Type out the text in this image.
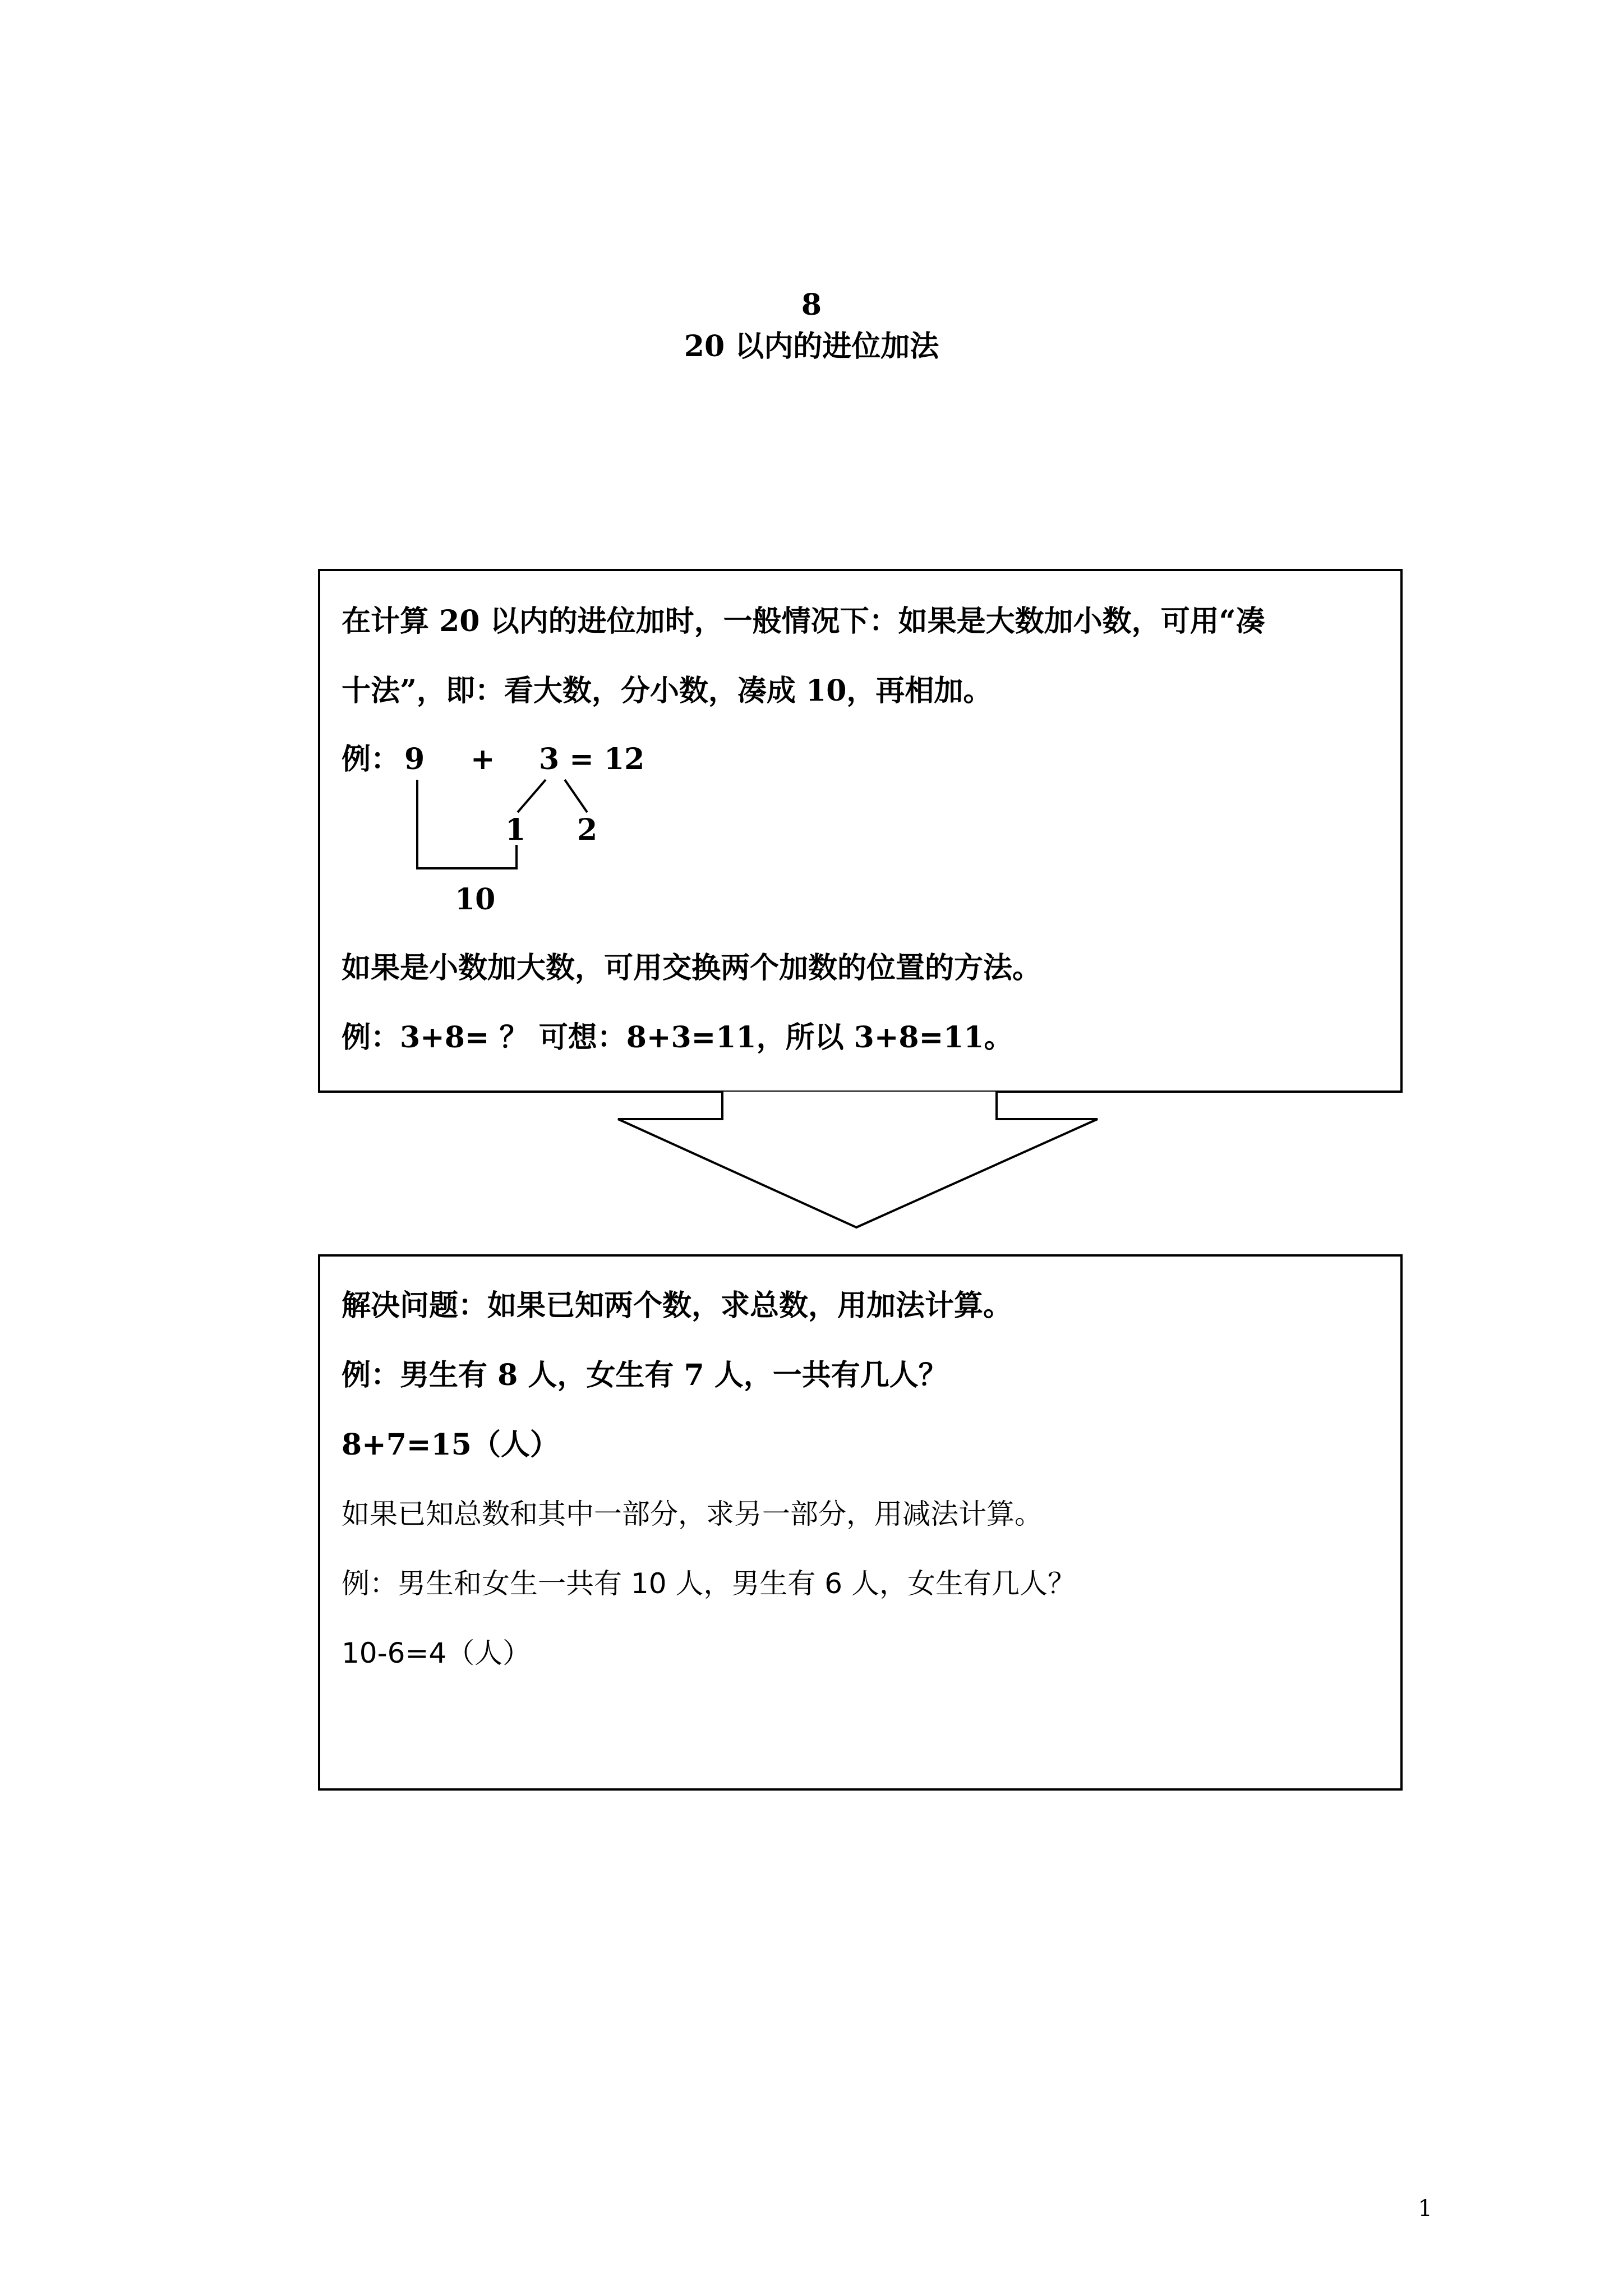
8
20 以内的进位加法
在计算 20 以内的进位加时，一般情况下：如果是大数加小数，可用“凑
十法”，即：看大数，分小数，凑成 10，再相加。
例： 9 + 3 = 12
1 2
10
如果是小数加大数，可用交换两个加数的位置的方法。
例：3+8= ？ 可想：8+3=11，所以 3+8=11。
解决问题：如果已知两个数，求总数，用加法计算。
例：男生有 8 人，女生有 7 人，一共有几人？
8+7=15（人）
如果已知总数和其中一部分，求另一部分，用减法计算。
例：男生和女生一共有 10 人，男生有 6 人，女生有几人？
10-6=4（人）
1
